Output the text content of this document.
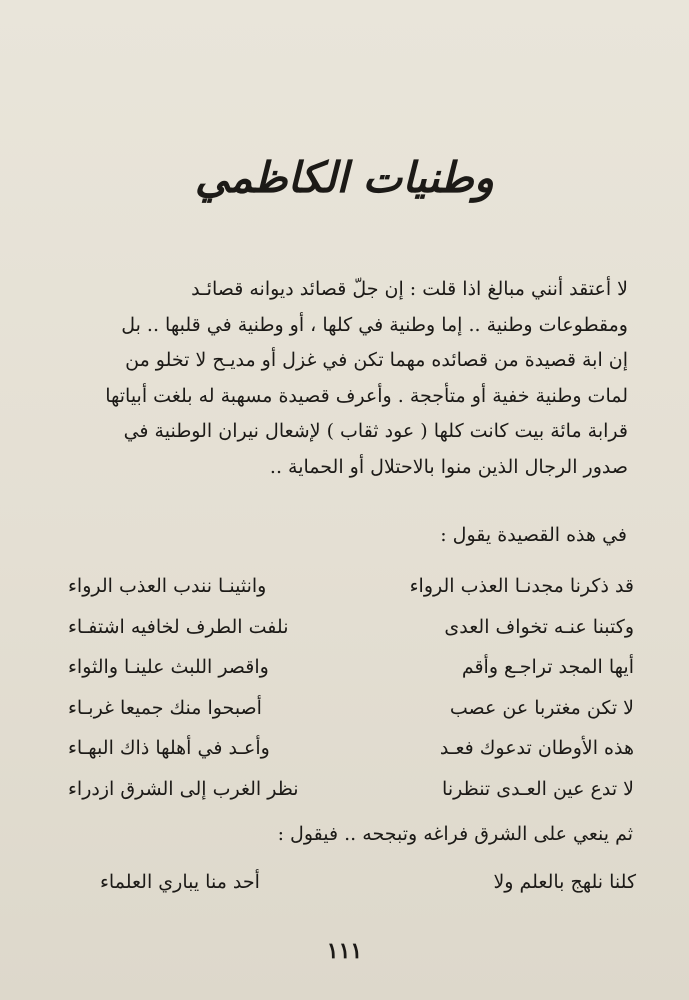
وطنيات الكاظمي
لا أعتقد أنني مبالغ اذا قلت : إن جلّ قصائد ديوانه قصائـد
ومقطوعات وطنية .. إما وطنية في كلها ، أو وطنية في قلبها .. بل
إن ابة قصيدة من قصائده مهما تكن في غزل أو مديـح لا تخلو من
لمات وطنية خفية أو متأججة . وأعرف قصيدة مسهبة له بلغت أبياتها
قرابة مائة بيت كانت كلها ( عود ثقاب ) لإشعال نيران الوطنية في
صدور الرجال الذين منوا بالاحتلال أو الحماية ..
في هذه القصيدة يقول :
قد ذكرنا مجدنـا العذب الرواء
وانثينـا نندب العذب الرواء
وكتبنا عنـه تخواف العدى
نلفت الطرف لخافيه اشتفـاء
أيها المجد تراجـع وأقم
واقصر اللبث علينـا والثواء
لا تكن مغتربا عن عصب
أصبحوا منك جميعا غربـاء
هذه الأوطان تدعوك فعـد
وأعـد في أهلها ذاك البهـاء
لا تدع عين العـدى تنظرنا
نظر الغرب إلى الشرق ازدراء
ثم ينعي على الشرق فراغه وتبجحه .. فيقول :
كلنا نلهج بالعلم ولا
أحد منا يباري العلماء
١١١
